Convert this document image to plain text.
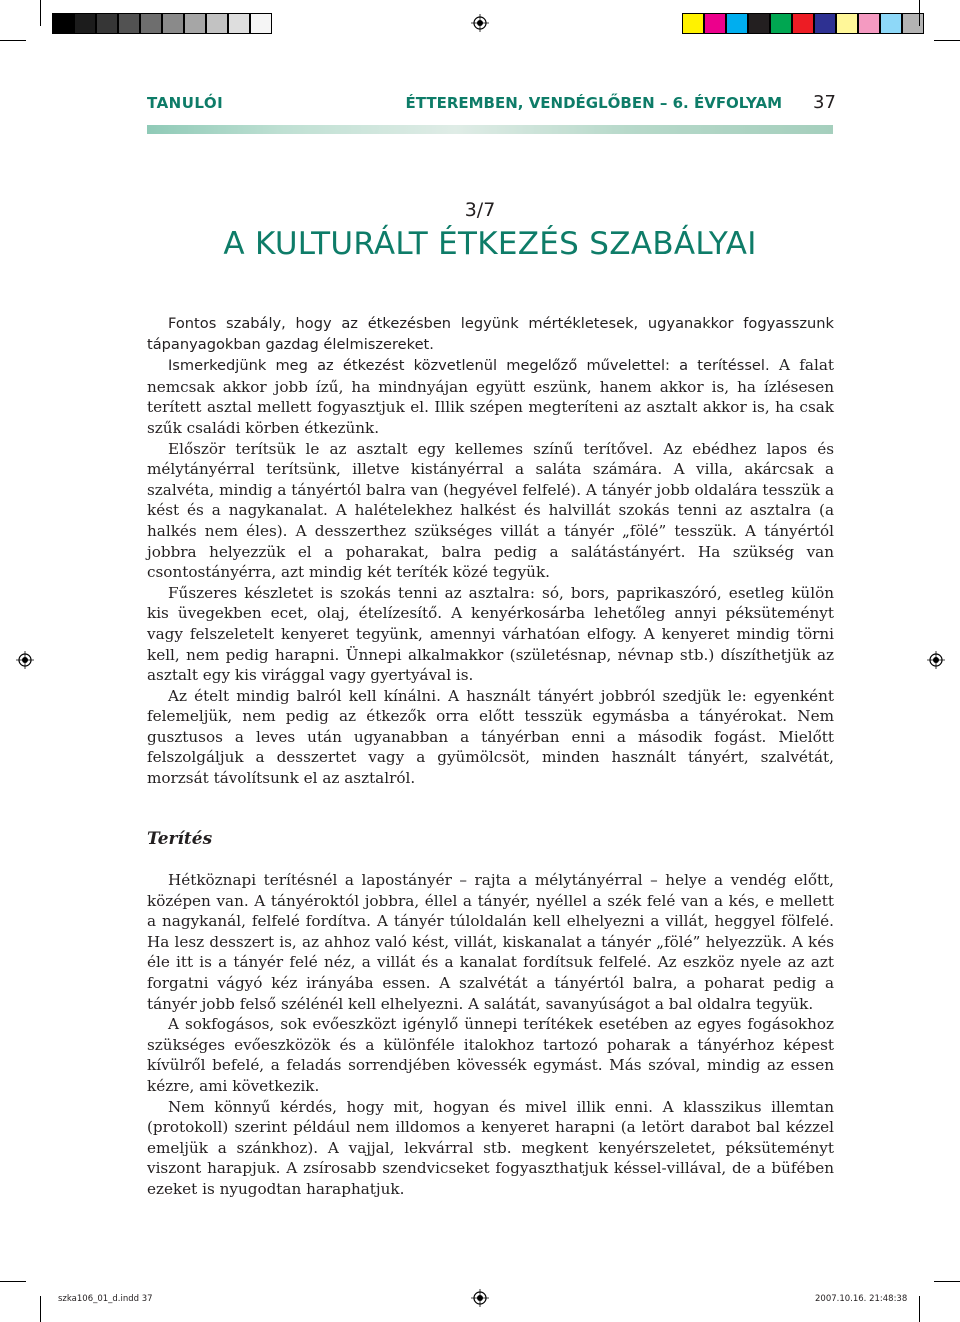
TANULÓI	ÉTTEREMBEN, VENDÉGLŐBEN – 6. ÉVFOLYAM 37
3/7
A KULTURÁLT ÉTKEZÉS SZABÁLYAI

Fontos szabály, hogy az étkezésben legyünk mértékletesek, ugyanakkor fogyasszunk tápanyagokban gazdag élelmiszereket.

Ismerkedjünk meg az étkezést közvetlenül megelőző művelettel: a terítéssel. A falat nemcsak akkor jobb ízű, ha mindnyájan együtt eszünk, hanem akkor is, ha ízlésesen terített asztal mellett fogyasztjuk el. Illik szépen megteríteni az asztalt akkor is, ha csak szűk családi körben étkezünk.

Először terítsük le az asztalt egy kellemes színű terítővel. Az ebédhez lapos és mélytányérral terítsünk, illetve kistányérral a saláta számára. A villa, akárcsak a szalvéta, mindig a tányértól balra van (hegyével felfelé). A tányér jobb oldalára tesszük a kést és a nagykanalat. A halételekhez halkést és halvillát szokás tenni az asztalra (a halkés nem éles). A desszerthez szükséges villát a tányér „fölé” tesszük. A tányértól jobbra helyezzük el a poharakat, balra pedig a salátástányért. Ha szükség van csontostányérra, azt mindig két teríték közé tegyük.

Fűszeres készletet is szokás tenni az asztalra: só, bors, paprikaszóró, esetleg külön kis üvegekben ecet, olaj, ételízesítő. A kenyérkosárba lehetőleg annyi péksüteményt vagy felszeletelt kenyeret tegyünk, amennyi várhatóan elfogy. A kenyeret mindig törni kell, nem pedig harapni. Ünnepi alkalmakkor (születésnap, névnap stb.) díszíthetjük az asztalt egy kis virággal vagy gyertyával is.

Az ételt mindig balról kell kínálni. A használt tányért jobbról szedjük le: egyenként felemeljük, nem pedig az étkezők orra előtt tesszük egymásba a tányérokat. Nem gusztusos a leves után ugyanabban a tányérban enni a második fogást. Mielőtt felszolgáljuk a desszertet vagy a gyümölcsöt, minden használt tányért, szalvétát, morzsát távolítsunk el az asztalról.

Terítés

Hétköznapi terítésnél a lapostányér – rajta a mélytányérral – helye a vendég előtt, középen van. A tányéroktól jobbra, éllel a tányér, nyéllel a szék felé van a kés, e mellett a nagykanál, felfelé fordítva. A tányér túloldalán kell elhelyezni a villát, heggyel fölfelé. Ha lesz desszert is, az ahhoz való kést, villát, kiskanalat a tányér „fölé” helyezzük. A kés éle itt is a tányér felé néz, a villát és a kanalat fordítsuk felfelé. Az eszköz nyele az azt forgatni vágyó kéz irányába essen. A szalvétát a tányértól balra, a poharat pedig a tányér jobb felső szélénél kell elhelyezni. A salátát, savanyúságot a bal oldalra tegyük.

A sokfogásos, sok evőeszközt igénylő ünnepi terítékek esetében az egyes fogásokhoz szükséges evőeszközök és a különféle italokhoz tartozó poharak a tányérhoz képest kívülről befelé, a feladás sorrendjében kövessék egymást. Más szóval, mindig az essen kézre, ami következik.

Nem könnyű kérdés, hogy mit, hogyan és mivel illik enni. A klasszikus illemtan (protokoll) szerint például nem illdomos a kenyeret harapni (a letört darabot bal kézzel emeljük a szánkhoz). A vajjal, lekvárral stb. megkent kenyérszeletet, péksüteményt viszont harapjuk. A zsírosabb szendvicseket fogyaszthatjuk késsel-villával, de a büfében ezeket is nyugodtan haraphatjuk.

szka106_01_d.indd 37	2007.10.16. 21:48:38
